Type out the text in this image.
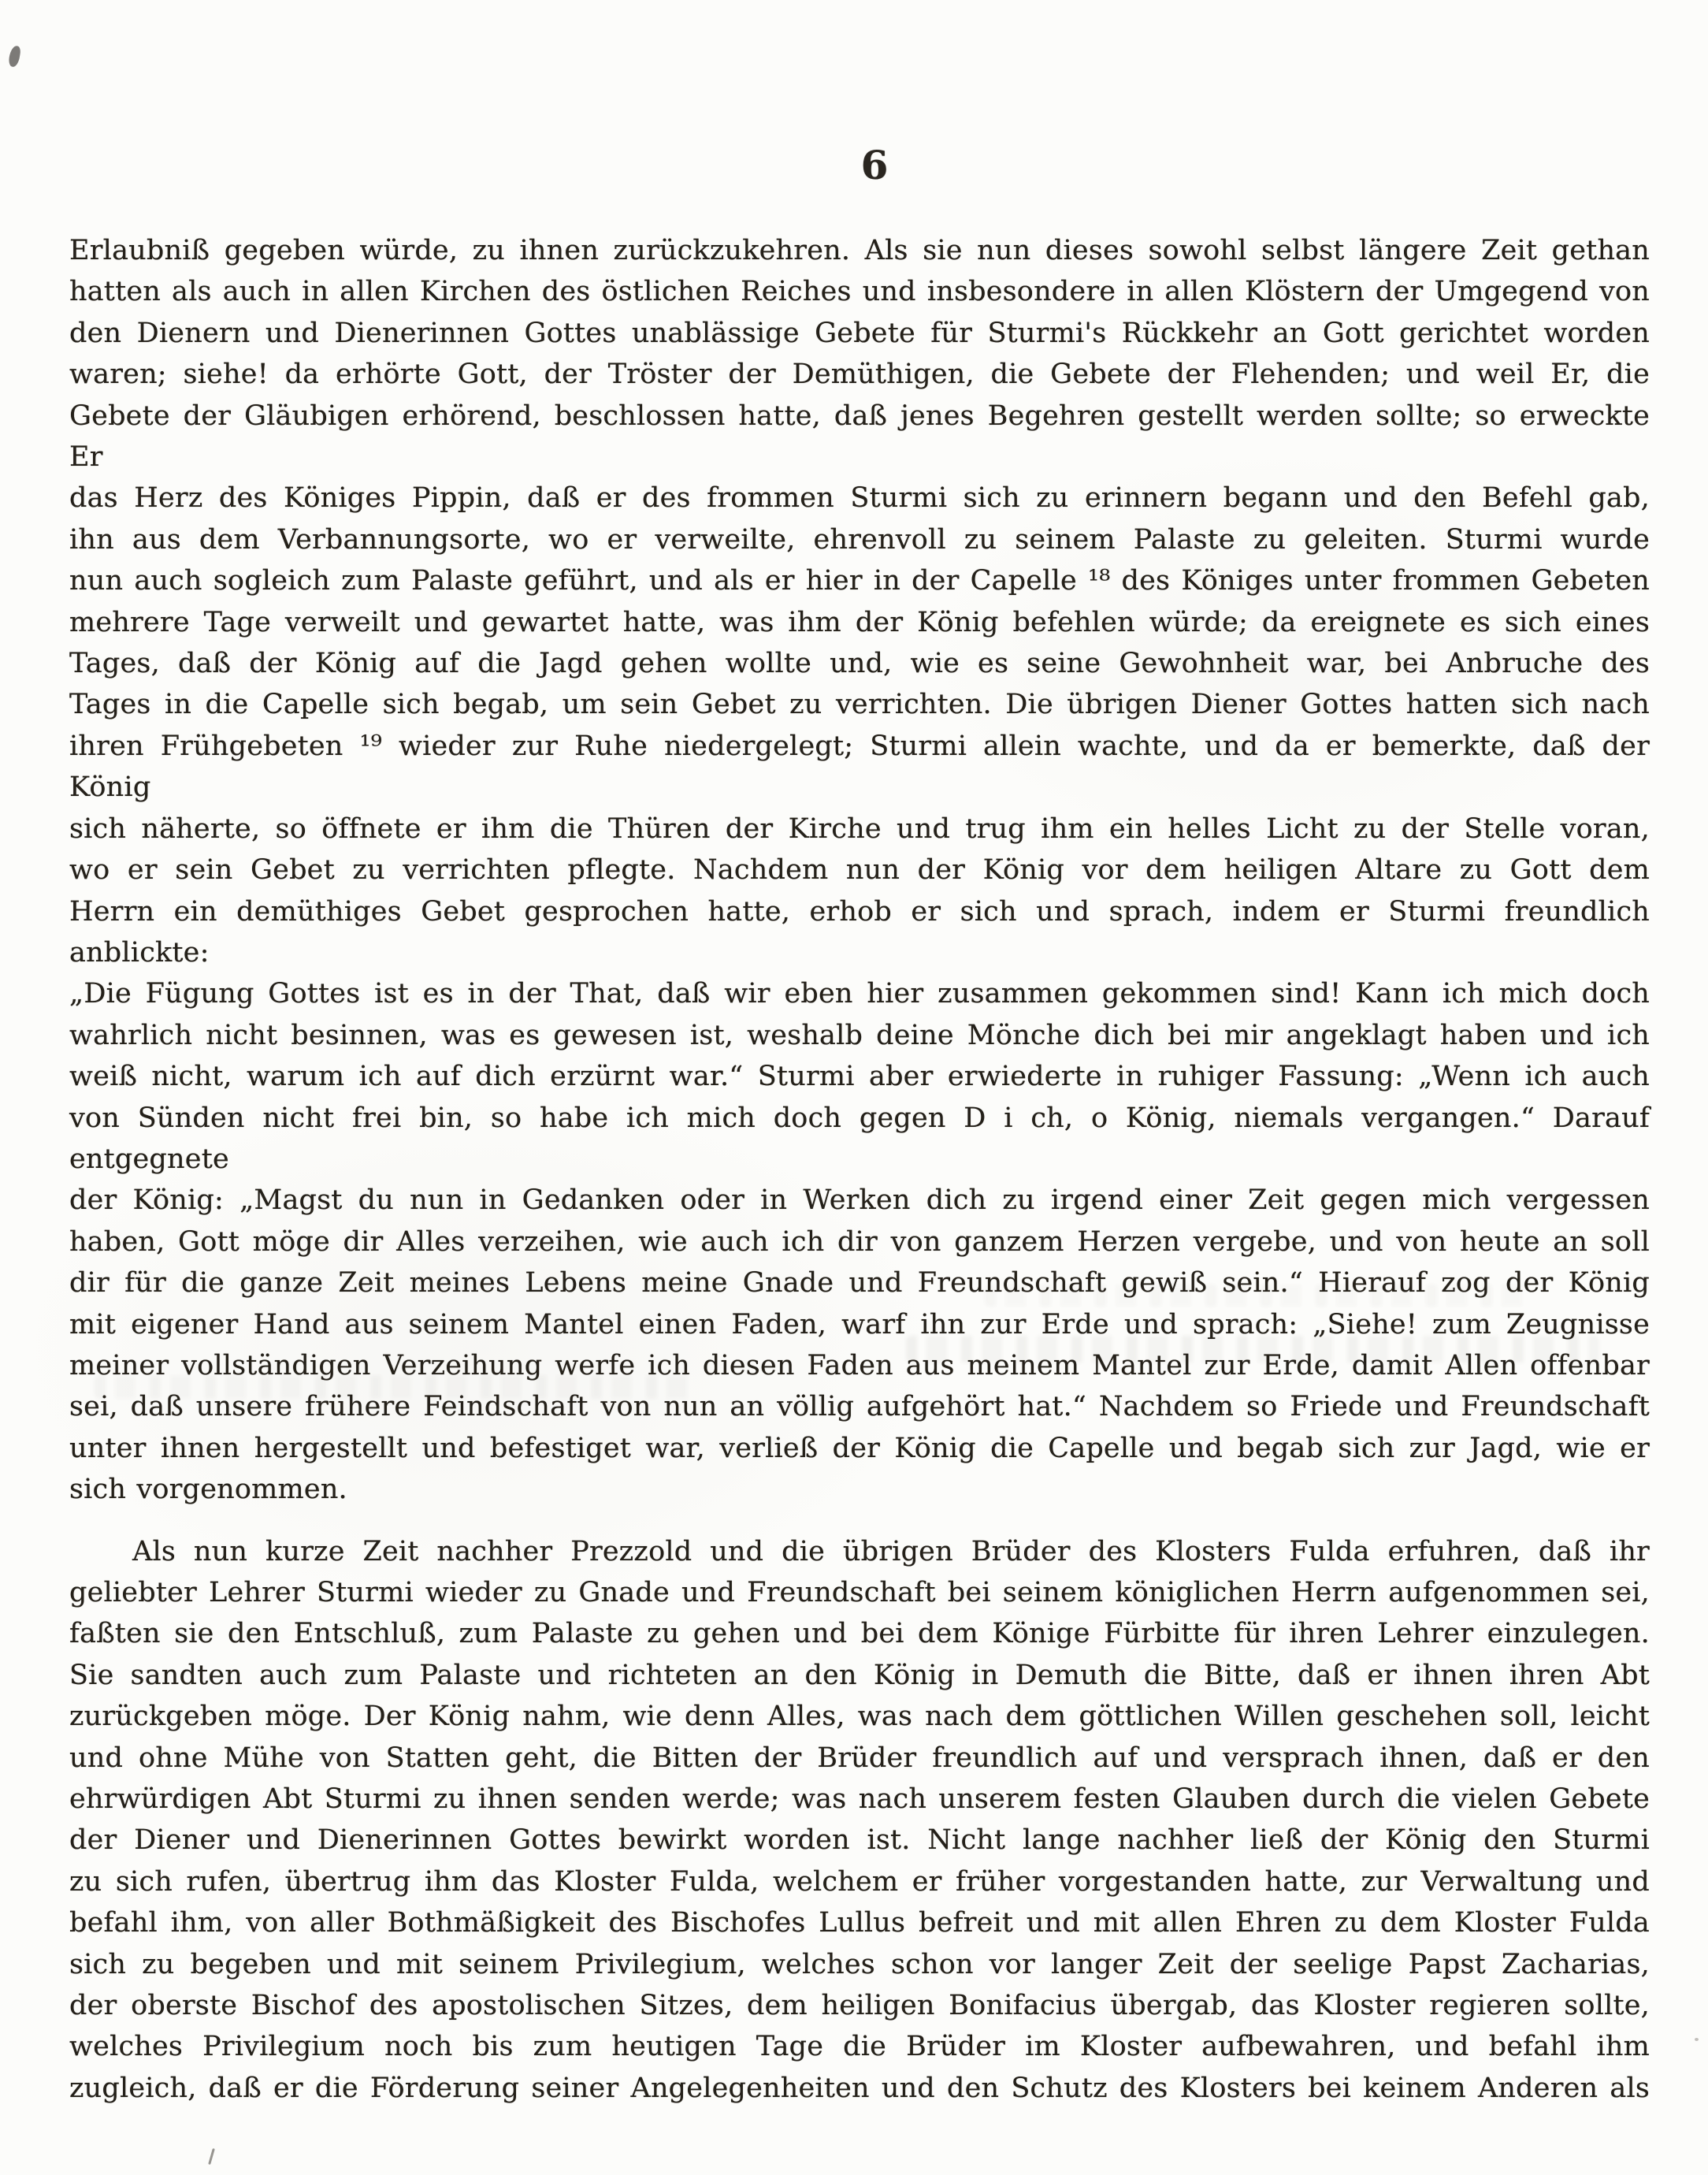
6
Erlaubniß gegeben würde, zu ihnen zurückzukehren. Als sie nun dieses sowohl selbst längere Zeit gethan
hatten als auch in allen Kirchen des östlichen Reiches und insbesondere in allen Klöstern der Umgegend von
den Dienern und Dienerinnen Gottes unablässige Gebete für Sturmi's Rückkehr an Gott gerichtet worden
waren; siehe! da erhörte Gott, der Tröster der Demüthigen, die Gebete der Flehenden; und weil Er, die
Gebete der Gläubigen erhörend, beschlossen hatte, daß jenes Begehren gestellt werden sollte; so erweckte Er
das Herz des Königes Pippin, daß er des frommen Sturmi sich zu erinnern begann und den Befehl gab,
ihn aus dem Verbannungsorte, wo er verweilte, ehrenvoll zu seinem Palaste zu geleiten. Sturmi wurde
nun auch sogleich zum Palaste geführt, und als er hier in der Capelle ¹⁸ des Königes unter frommen Gebeten
mehrere Tage verweilt und gewartet hatte, was ihm der König befehlen würde; da ereignete es sich eines
Tages, daß der König auf die Jagd gehen wollte und, wie es seine Gewohnheit war, bei Anbruche des
Tages in die Capelle sich begab, um sein Gebet zu verrichten. Die übrigen Diener Gottes hatten sich nach
ihren Frühgebeten ¹⁹ wieder zur Ruhe niedergelegt; Sturmi allein wachte, und da er bemerkte, daß der König
sich näherte, so öffnete er ihm die Thüren der Kirche und trug ihm ein helles Licht zu der Stelle voran,
wo er sein Gebet zu verrichten pflegte. Nachdem nun der König vor dem heiligen Altare zu Gott dem
Herrn ein demüthiges Gebet gesprochen hatte, erhob er sich und sprach, indem er Sturmi freundlich anblickte:
„Die Fügung Gottes ist es in der That, daß wir eben hier zusammen gekommen sind! Kann ich mich doch
wahrlich nicht besinnen, was es gewesen ist, weshalb deine Mönche dich bei mir angeklagt haben und ich
weiß nicht, warum ich auf dich erzürnt war.“ Sturmi aber erwiederte in ruhiger Fassung: „Wenn ich auch
von Sünden nicht frei bin, so habe ich mich doch gegen D i ch, o König, niemals vergangen.“ Darauf entgegnete
der König: „Magst du nun in Gedanken oder in Werken dich zu irgend einer Zeit gegen mich vergessen
haben, Gott möge dir Alles verzeihen, wie auch ich dir von ganzem Herzen vergebe, und von heute an soll
dir für die ganze Zeit meines Lebens meine Gnade und Freundschaft gewiß sein.“ Hierauf zog der König
mit eigener Hand aus seinem Mantel einen Faden, warf ihn zur Erde und sprach: „Siehe! zum Zeugnisse
meiner vollständigen Verzeihung werfe ich diesen Faden aus meinem Mantel zur Erde, damit Allen offenbar
sei, daß unsere frühere Feindschaft von nun an völlig aufgehört hat.“ Nachdem so Friede und Freundschaft
unter ihnen hergestellt und befestiget war, verließ der König die Capelle und begab sich zur Jagd, wie er
sich vorgenommen.
Als nun kurze Zeit nachher Prezzold und die übrigen Brüder des Klosters Fulda erfuhren, daß ihr
geliebter Lehrer Sturmi wieder zu Gnade und Freundschaft bei seinem königlichen Herrn aufgenommen sei,
faßten sie den Entschluß, zum Palaste zu gehen und bei dem Könige Fürbitte für ihren Lehrer einzulegen.
Sie sandten auch zum Palaste und richteten an den König in Demuth die Bitte, daß er ihnen ihren Abt
zurückgeben möge. Der König nahm, wie denn Alles, was nach dem göttlichen Willen geschehen soll, leicht
und ohne Mühe von Statten geht, die Bitten der Brüder freundlich auf und versprach ihnen, daß er den
ehrwürdigen Abt Sturmi zu ihnen senden werde; was nach unserem festen Glauben durch die vielen Gebete
der Diener und Dienerinnen Gottes bewirkt worden ist. Nicht lange nachher ließ der König den Sturmi
zu sich rufen, übertrug ihm das Kloster Fulda, welchem er früher vorgestanden hatte, zur Verwaltung und
befahl ihm, von aller Bothmäßigkeit des Bischofes Lullus befreit und mit allen Ehren zu dem Kloster Fulda
sich zu begeben und mit seinem Privilegium, welches schon vor langer Zeit der seelige Papst Zacharias,
der oberste Bischof des apostolischen Sitzes, dem heiligen Bonifacius übergab, das Kloster regieren sollte,
welches Privilegium noch bis zum heutigen Tage die Brüder im Kloster aufbewahren, und befahl ihm
zugleich, daß er die Förderung seiner Angelegenheiten und den Schutz des Klosters bei keinem Anderen als
